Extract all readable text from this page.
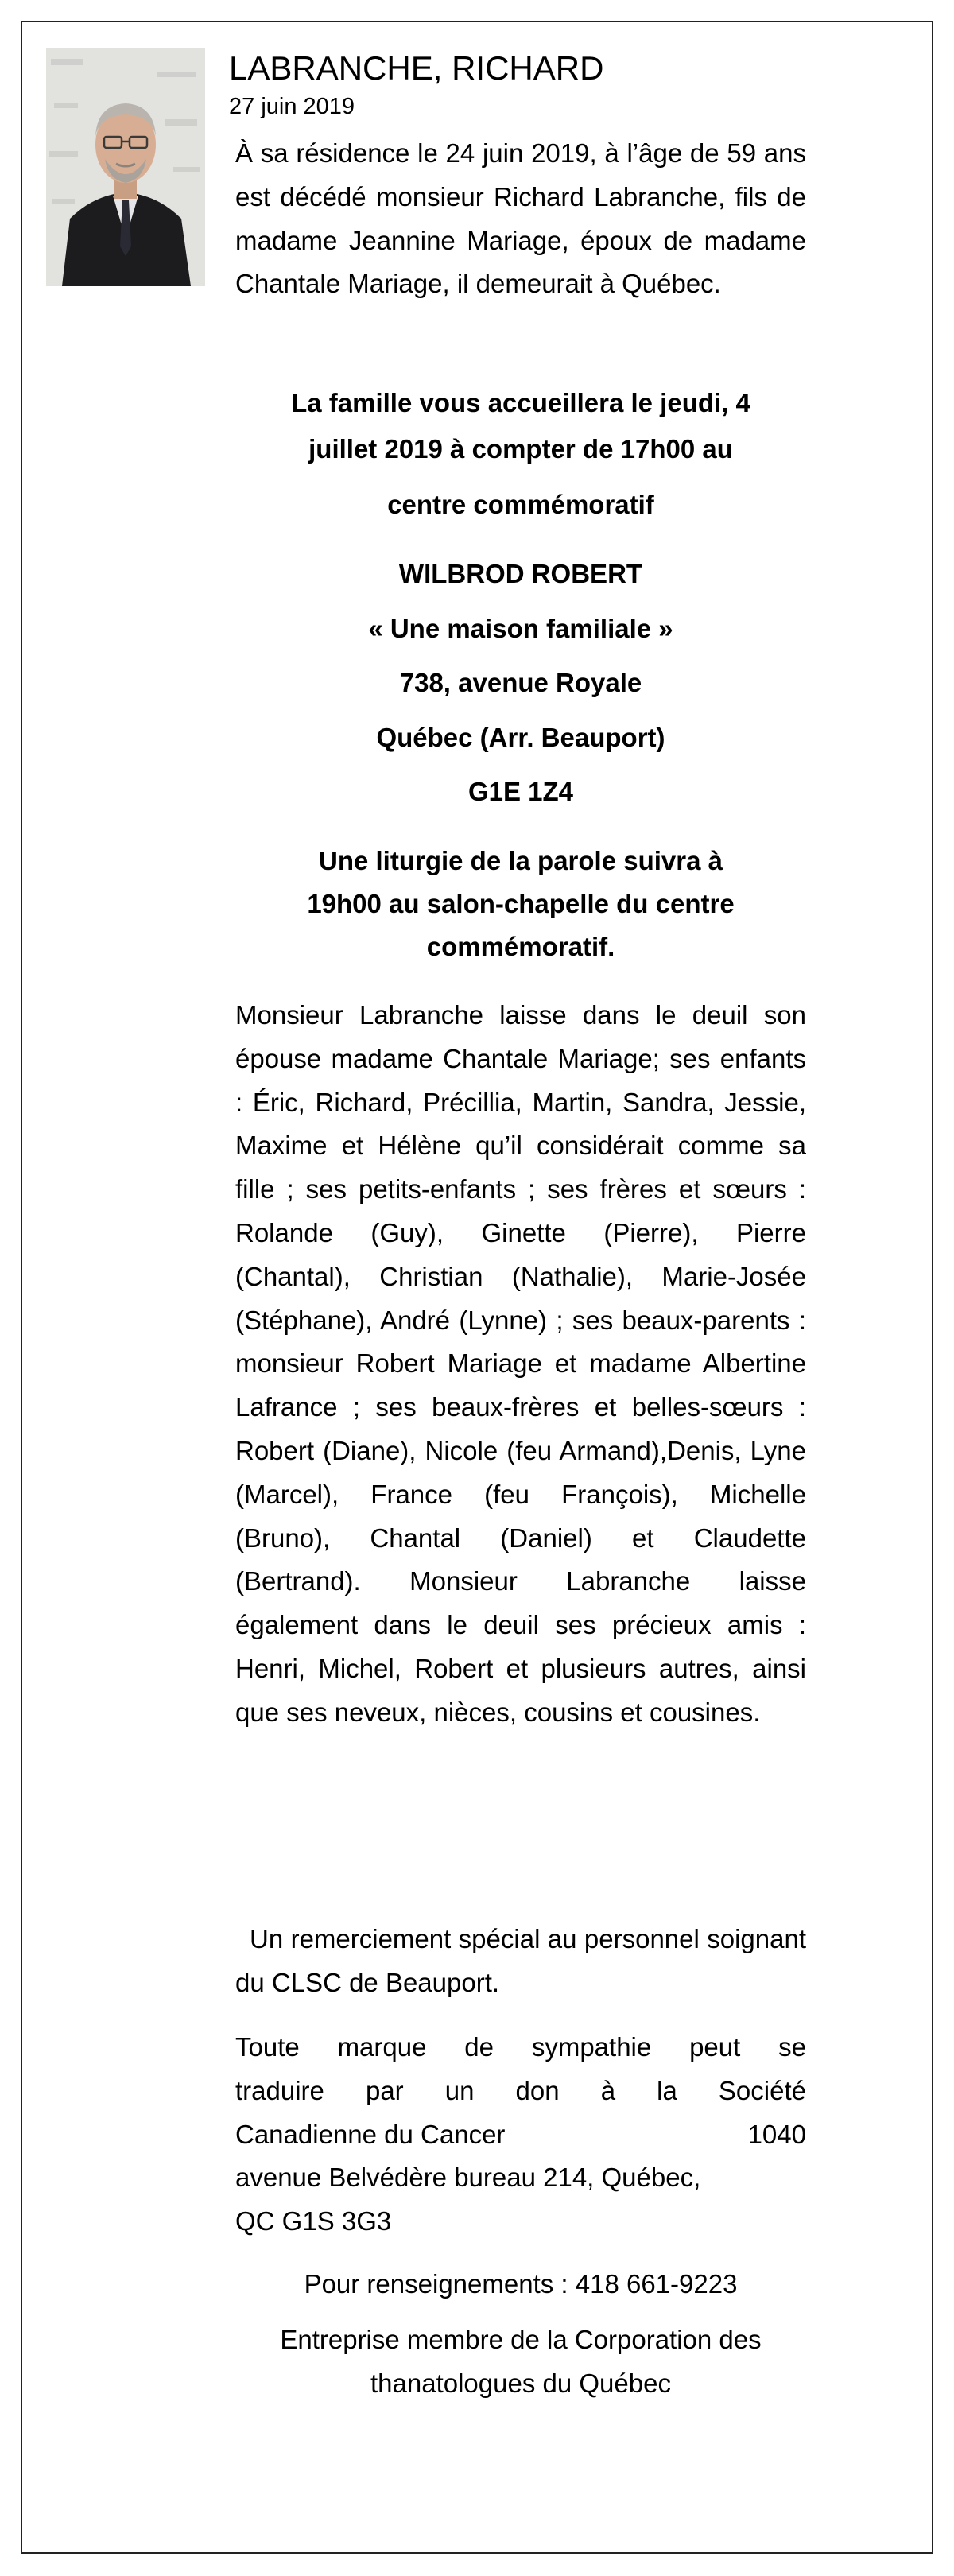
LABRANCHE, RICHARD
27 juin 2019
À sa résidence le 24 juin 2019, à l’âge de 59 ans est décédé monsieur Richard Labranche, fils de madame Jeannine Mariage, époux de madame Chantale Mariage, il demeurait à Québec.

La famille vous accueillera le jeudi, 4

juillet 2019 à compter de 17h00 au

centre commémoratif

WILBROD ROBERT

« Une maison familiale »

738, avenue Royale

Québec (Arr. Beauport)

G1E 1Z4

Une liturgie de la parole suivra à

19h00 au salon-chapelle du centre

commémoratif.

Monsieur Labranche laisse dans le deuil son épouse madame Chantale Mariage; ses enfants : Éric, Richard, Précillia, Martin, Sandra, Jessie, Maxime et Hélène qu’il considérait comme sa fille ; ses petits-enfants ; ses frères et sœurs : Rolande (Guy), Ginette (Pierre), Pierre (Chantal), Christian (Nathalie), Marie-Josée (Stéphane), André (Lynne) ; ses beaux-parents : monsieur Robert Mariage et madame Albertine Lafrance ; ses beaux-frères et belles-sœurs : Robert (Diane), Nicole (feu Armand),Denis, Lyne (Marcel), France (feu François), Michelle (Bruno), Chantal (Daniel) et Claudette (Bertrand). Monsieur Labranche laisse également dans le deuil ses précieux amis : Henri, Michel, Robert et plusieurs autres, ainsi que ses neveux, nièces, cousins et cousines.
Un remerciement spécial au personnel soignant du CLSC de Beauport.

Toute marque de sympathie peut se

traduire par un don à la Société

Canadienne du Cancer	1040

avenue Belvédère bureau 214, Québec,

QC G1S 3G3

Pour renseignements : 418 661-9223

Entreprise membre de la Corporation des

thanatologues du Québec
